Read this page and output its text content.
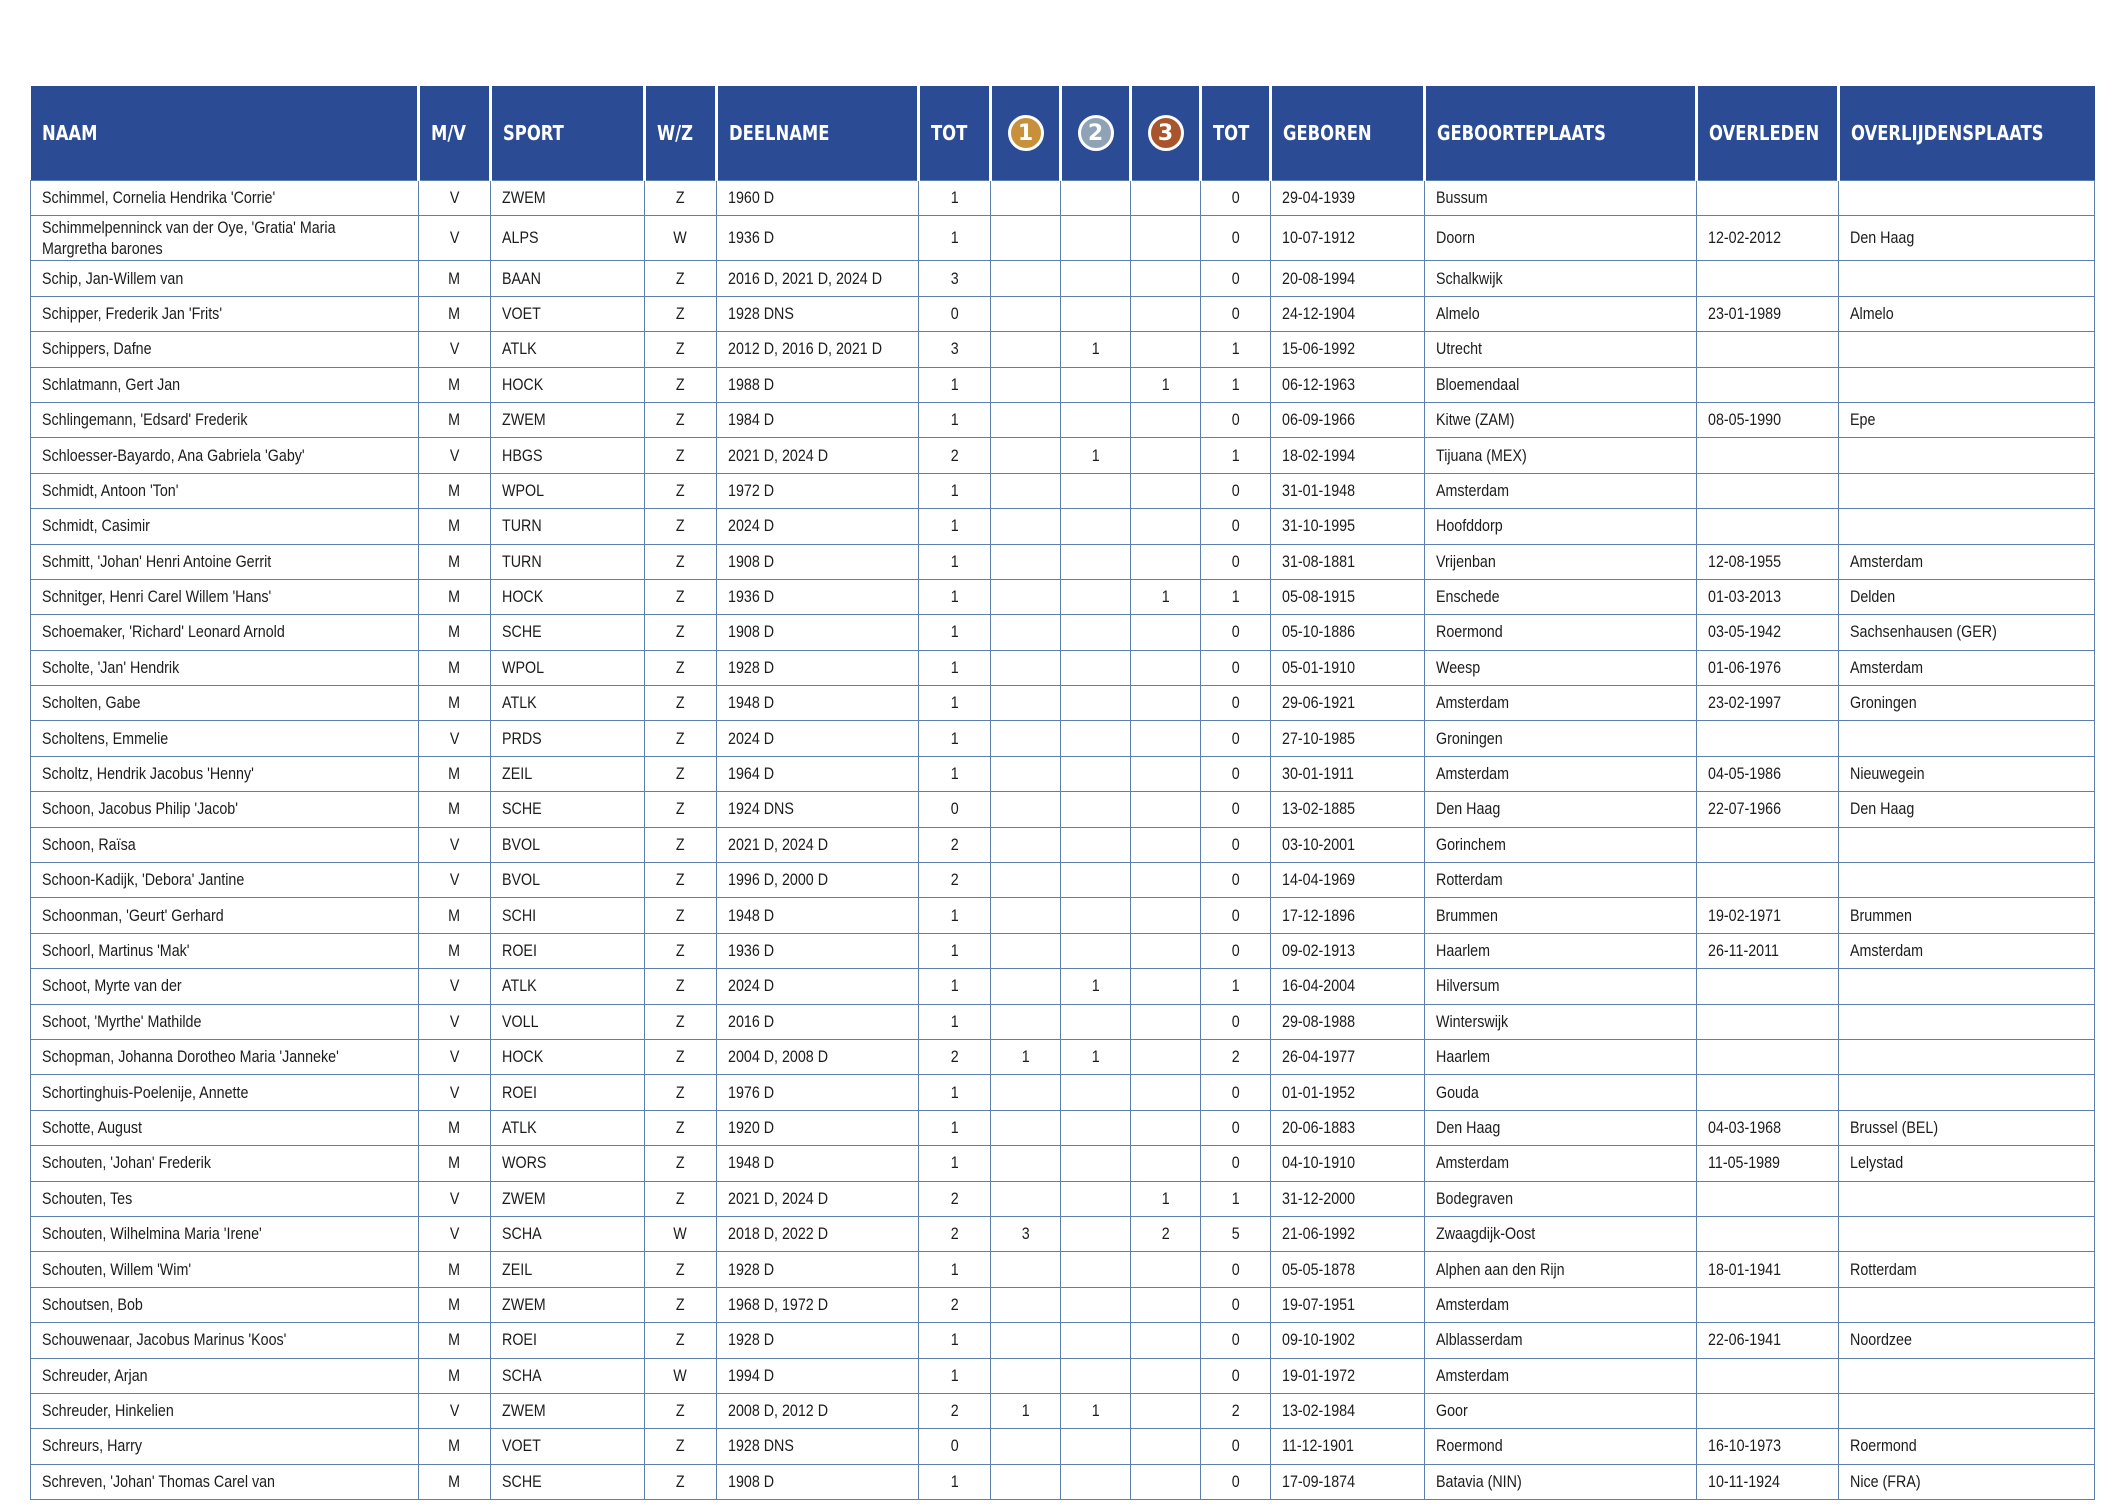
NAAM	M/V	SPORT	W/Z	DEELNAME	TOT	1	2	3	TOT	GEBOREN	GEBOORTEPLAATS	OVERLEDEN	OVERLIJDENSPLAATS
Schimmel, Cornelia Hendrika 'Corrie'	V	ZWEM	Z	1960 D	1				0	29-04-1939	Bussum		
Schimmelpenninck van der Oye, 'Gratia' Maria Margretha barones	V	ALPS	W	1936 D	1				0	10-07-1912	Doorn	12-02-2012	Den Haag
Schip, Jan-Willem van	M	BAAN	Z	2016 D, 2021 D, 2024 D	3				0	20-08-1994	Schalkwijk		
Schipper, Frederik Jan 'Frits'	M	VOET	Z	1928 DNS	0				0	24-12-1904	Almelo	23-01-1989	Almelo
Schippers, Dafne	V	ATLK	Z	2012 D, 2016 D, 2021 D	3		1		1	15-06-1992	Utrecht		
Schlatmann, Gert Jan	M	HOCK	Z	1988 D	1			1	1	06-12-1963	Bloemendaal		
Schlingemann, 'Edsard' Frederik	M	ZWEM	Z	1984 D	1				0	06-09-1966	Kitwe (ZAM)	08-05-1990	Epe
Schloesser-Bayardo, Ana Gabriela 'Gaby'	V	HBGS	Z	2021 D, 2024 D	2		1		1	18-02-1994	Tijuana (MEX)		
Schmidt, Antoon 'Ton'	M	WPOL	Z	1972 D	1				0	31-01-1948	Amsterdam		
Schmidt, Casimir	M	TURN	Z	2024 D	1				0	31-10-1995	Hoofddorp		
Schmitt, 'Johan' Henri Antoine Gerrit	M	TURN	Z	1908 D	1				0	31-08-1881	Vrijenban	12-08-1955	Amsterdam
Schnitger, Henri Carel Willem 'Hans'	M	HOCK	Z	1936 D	1			1	1	05-08-1915	Enschede	01-03-2013	Delden
Schoemaker, 'Richard' Leonard Arnold	M	SCHE	Z	1908 D	1				0	05-10-1886	Roermond	03-05-1942	Sachsenhausen (GER)
Scholte, 'Jan' Hendrik	M	WPOL	Z	1928 D	1				0	05-01-1910	Weesp	01-06-1976	Amsterdam
Scholten, Gabe	M	ATLK	Z	1948 D	1				0	29-06-1921	Amsterdam	23-02-1997	Groningen
Scholtens, Emmelie	V	PRDS	Z	2024 D	1				0	27-10-1985	Groningen		
Scholtz, Hendrik Jacobus 'Henny'	M	ZEIL	Z	1964 D	1				0	30-01-1911	Amsterdam	04-05-1986	Nieuwegein
Schoon, Jacobus Philip 'Jacob'	M	SCHE	Z	1924 DNS	0				0	13-02-1885	Den Haag	22-07-1966	Den Haag
Schoon, Raïsa	V	BVOL	Z	2021 D, 2024 D	2				0	03-10-2001	Gorinchem		
Schoon-Kadijk, 'Debora' Jantine	V	BVOL	Z	1996 D, 2000 D	2				0	14-04-1969	Rotterdam		
Schoonman, 'Geurt' Gerhard	M	SCHI	Z	1948 D	1				0	17-12-1896	Brummen	19-02-1971	Brummen
Schoorl, Martinus 'Mak'	M	ROEI	Z	1936 D	1				0	09-02-1913	Haarlem	26-11-2011	Amsterdam
Schoot, Myrte van der	V	ATLK	Z	2024 D	1		1		1	16-04-2004	Hilversum		
Schoot, 'Myrthe' Mathilde	V	VOLL	Z	2016 D	1				0	29-08-1988	Winterswijk		
Schopman, Johanna Dorotheo Maria 'Janneke'	V	HOCK	Z	2004 D, 2008 D	2	1	1		2	26-04-1977	Haarlem		
Schortinghuis-Poelenije, Annette	V	ROEI	Z	1976 D	1				0	01-01-1952	Gouda		
Schotte, August	M	ATLK	Z	1920 D	1				0	20-06-1883	Den Haag	04-03-1968	Brussel (BEL)
Schouten, 'Johan' Frederik	M	WORS	Z	1948 D	1				0	04-10-1910	Amsterdam	11-05-1989	Lelystad
Schouten, Tes	V	ZWEM	Z	2021 D, 2024 D	2			1	1	31-12-2000	Bodegraven		
Schouten, Wilhelmina Maria 'Irene'	V	SCHA	W	2018 D, 2022 D	2	3		2	5	21-06-1992	Zwaagdijk-Oost		
Schouten, Willem 'Wim'	M	ZEIL	Z	1928 D	1				0	05-05-1878	Alphen aan den Rijn	18-01-1941	Rotterdam
Schoutsen, Bob	M	ZWEM	Z	1968 D, 1972 D	2				0	19-07-1951	Amsterdam		
Schouwenaar, Jacobus Marinus 'Koos'	M	ROEI	Z	1928 D	1				0	09-10-1902	Alblasserdam	22-06-1941	Noordzee
Schreuder, Arjan	M	SCHA	W	1994 D	1				0	19-01-1972	Amsterdam		
Schreuder, Hinkelien	V	ZWEM	Z	2008 D, 2012 D	2	1	1		2	13-02-1984	Goor		
Schreurs, Harry	M	VOET	Z	1928 DNS	0				0	11-12-1901	Roermond	16-10-1973	Roermond
Schreven, 'Johan' Thomas Carel van	M	SCHE	Z	1908 D	1				0	17-09-1874	Batavia (NIN)	10-11-1924	Nice (FRA)
